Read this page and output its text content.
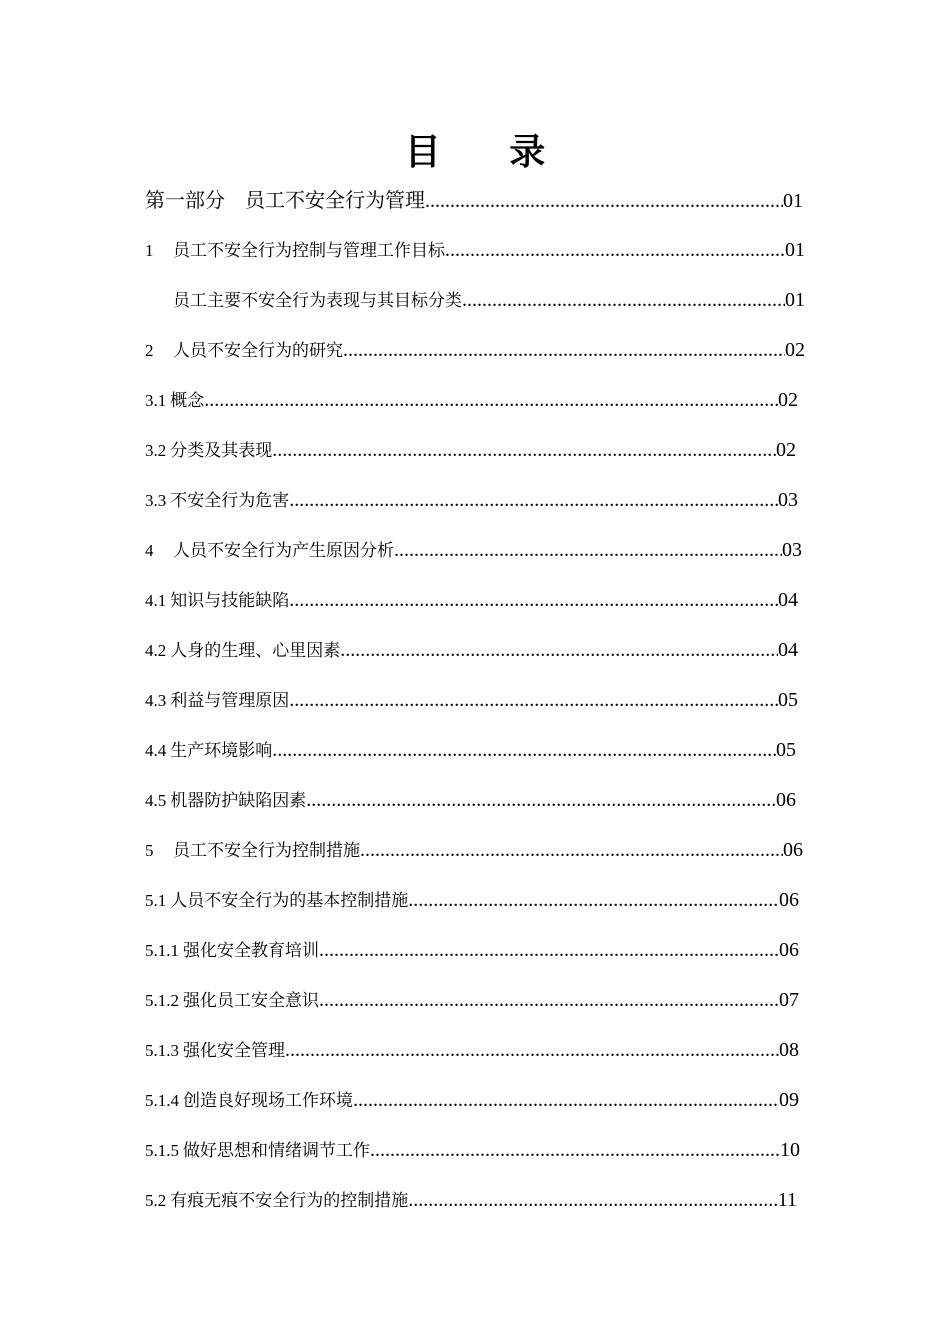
目 录
第一部分　员工不安全行为管理 .....	01
1	员工不安全行为控制与管理工作目标 .....	01
员工主要不安全行为表现与其目标分类 .....	01
2	人员不安全行为的研究 .....	02
3.1 概念 .....	02
3.2 分类及其表现 .....	02
3.3 不安全行为危害 .....	03
4	人员不安全行为产生原因分析 .....	03
4.1 知识与技能缺陷 .....	04
4.2 人身的生理、心里因素 .....	04
4.3 利益与管理原因 .....	05
4.4 生产环境影响 .....	05
4.5 机器防护缺陷因素 .....	06
5	员工不安全行为控制措施 .....	06
5.1 人员不安全行为的基本控制措施 .....	06
5.1.1 强化安全教育培训 .....	06
5.1.2 强化员工安全意识 .....	07
5.1.3 强化安全管理 .....	08
5.1.4 创造良好现场工作环境 .....	09
5.1.5 做好思想和情绪调节工作 .....	10
5.2 有痕无痕不安全行为的控制措施 .....	11
